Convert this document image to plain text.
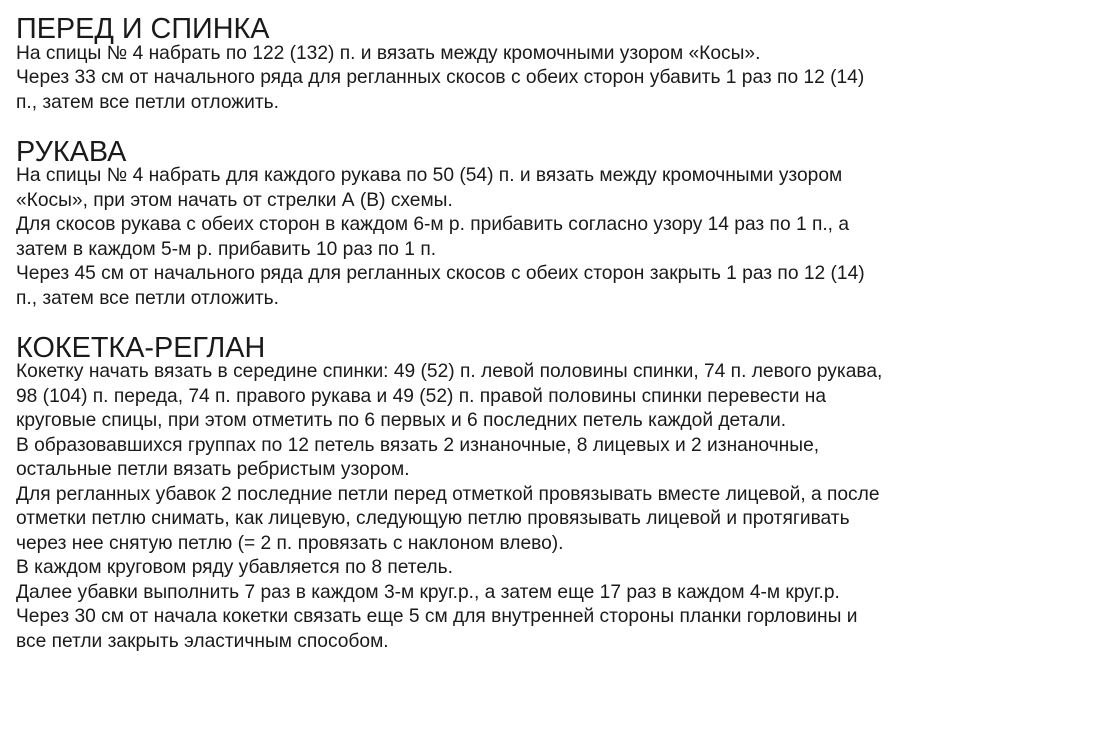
ПЕРЕД И СПИНКА

На спицы № 4 набрать по 122 (132) п. и вязать между кромочными узором «Косы».

Через 33 см от начального ряда для регланных скосов с обеих сторон убавить 1 раз по 12 (14)
п., затем все петли отложить.

РУКАВА

На спицы № 4 набрать для каждого рукава по 50 (54) п. и вязать между кромочными узором
«Косы», при этом начать от стрелки А (В) схемы.

Для скосов рукава с обеих сторон в каждом 6-м р. прибавить согласно узору 14 раз по 1 п., а
затем в каждом 5-м р. прибавить 10 раз по 1 п.

Через 45 см от начального ряда для регланных скосов с обеих сторон закрыть 1 раз по 12 (14)
п., затем все петли отложить.

КОКЕТКА-РЕГЛАН

Кокетку начать вязать в середине спинки: 49 (52) п. левой половины спинки, 74 п. левого рукава,
98 (104) п. переда, 74 п. правого рукава и 49 (52) п. правой половины спинки перевести на
круговые спицы, при этом отметить по 6 первых и 6 последних петель каждой детали.

В образовавшихся группах по 12 петель вязать 2 изнаночные, 8 лицевых и 2 изнаночные,
остальные петли вязать ребристым узором.

Для регланных убавок 2 последние петли перед отметкой провязывать вместе лицевой, а после
отметки петлю снимать, как лицевую, следующую петлю провязывать лицевой и протягивать
через нее снятую петлю (= 2 п. провязать с наклоном влево).

В каждом круговом ряду убавляется по 8 петель.

Далее убавки выполнить 7 раз в каждом 3-м круг.р., а затем еще 17 раз в каждом 4-м круг.р.

Через 30 см от начала кокетки связать еще 5 см для внутренней стороны планки горловины и
все петли закрыть эластичным способом.
